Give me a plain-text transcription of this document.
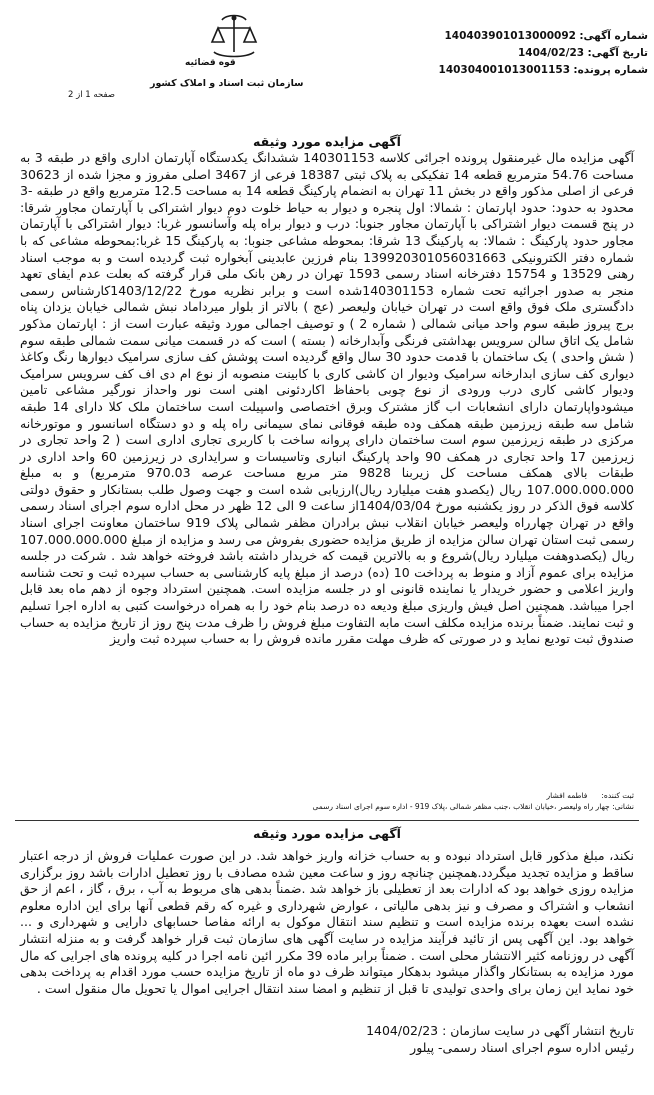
شماره آگهی: 140403901013000092
تاریخ آگهی: 1404/02/23
شماره پرونده: 140304001013001153
قوه قضائیه
سازمان ثبت اسناد و املاک کشور
صفحه 1 از 2
آگهی مزایده مورد وثیقه
آگهی مزایده مال غیرمنقول پرونده اجرائی کلاسه 140301153 ششدانگ یکدستگاه آپارتمان اداری واقع در طبقه 3 به مساحت 54.76 مترمربع قطعه 14 تفکیکی به پلاک ثبتی 18387 فرعی از 3467 اصلی مفروز و مجزا شده از 30623 فرعی از اصلی مذکور واقع در بخش 11 تهران به انضمام پارکینگ قطعه 14 به مساحت 12.5 مترمربع واقع در طبقه -3 محدود به حدود: حدود اپارتمان : شمالا: اول پنجره و دیوار به حیاط خلوت دوم دیوار اشتراکی با آپارتمان مجاور شرقا: در پنج قسمت دیوار اشتراکی با آپارتمان مجاور جنوبا: درب و دیوار براه پله وآسانسور غربا: دیوار اشتراکی با آپارتمان مجاور حدود پارکینگ : شمالا: به پارکینگ 13 شرقا: بمحوطه مشاعی جنوبا: به پارکینگ 15 غربا:بمحوطه مشاعی که با شماره دفتر الکترونیکی 139920301056031663 بنام فرزین عابدینی آبخواره ثبت گردیده است و به موجب اسناد رهنی 13529 و 15754 دفترخانه اسناد رسمی 1593 تهران در رهن بانک ملی قرار گرفته که بعلت عدم ایفای تعهد منجر به صدور اجرائیه تحت شماره 140301153شده است و برابر نظریه مورخ 1403/12/22کارشناس رسمی دادگستری ملک فوق واقع است در تهران خیابان ولیعصر (عج ) بالاتر از بلوار میرداماد نبش شمالی خیابان یزدان پناه برج پیروز طبقه سوم واحد میانی شمالی ( شماره 2 ) و توصیف اجمالی مورد وثیقه عبارت است از : اپارتمان مذکور شامل یک اتاق سالن سرویس بهداشتی فرنگی وآبدارخانه ( بسته ) است که در قسمت میانی سمت شمالی طبقه سوم ( شش واحدی ) یک ساختمان با قدمت حدود 30 سال واقع گردیده است پوشش کف سازی سرامیک دیوارها رنگ وکاغذ دیواری کف سازی ابدارخانه سرامیک ودیوار ان کاشی کاری با کابینت منصوبه از نوع ام دی اف کف سرویس سرامیک ودیوار کاشی کاری درب ورودی از نوع چوبی باحفاظ اکاردئونی اهنی است نور واحداز نورگیر مشاعی تامین میشودواپارتمان دارای انشعابات اب گاز مشترک وبرق اختصاصی واسپیلت است ساختمان ملک کلا دارای 14 طبقه شامل سه طبقه زیرزمین طبقه همکف وده طبقه فوقانی نمای سیمانی راه پله و دو دستگاه اسانسور و موتورخانه مرکزی در طبقه زیرزمین سوم است ساختمان دارای پروانه ساخت با کاربری تجاری اداری است ( 2 واحد تجاری در زیرزمین 17 واحد تجاری در همکف 90 واحد پارکینگ انباری وتاسیسات و سرایداری در زیرزمین 60 واحد اداری در طبقات بالای همکف مساحت کل زیربنا 9828 متر مربع مساحت عرصه 970.03 مترمربع) و به مبلغ 107.000.000.000 ریال (یکصدو هفت میلیارد ریال)ارزیابی شده است و جهت وصول طلب بستانکار و حقوق دولتی کلاسه فوق الذکر در روز یکشنبه مورخ 1404/03/04از ساعت 9 الی 12 ظهر در محل اداره سوم اجرای اسناد رسمی واقع در تهران چهارراه ولیعصر خیابان انقلاب نبش برادران مظفر شمالی پلاک 919 ساختمان معاونت اجرای اسناد رسمی ثبت استان تهران سالن مزایده از طریق مزایده حضوری بفروش می رسد و مزایده از مبلغ 107.000.000.000 ریال (یکصدوهفت میلیارد ریال)شروع و به بالاترین قیمت که خریدار داشته باشد فروخته خواهد شد . شرکت در جلسه مزایده برای عموم آزاد و منوط به پرداخت 10 (ده) درصد از مبلغ پایه کارشناسی به حساب سپرده ثبت و تحت شناسه واریز اعلامی و حضور خریدار یا نماینده قانونی او در جلسه مزایده است. همچنین استرداد وجوه از دهم ماه بعد قابل اجرا میباشد. همچنین اصل فیش واریزی مبلغ ودیعه ده درصد بنام خود را به همراه درخواست کتبی به اداره اجرا تسلیم و ثبت نمایند. ضمناً برنده مزایده مکلف است مابه التفاوت مبلغ فروش را ظرف مدت پنج روز از تاریخ مزایده به حساب صندوق ثبت تودیع نماید و در صورتی که ظرف مهلت مقرر مانده فروش را به حساب سپرده ثبت واریز
ثبت کننده:
فاطمه افشار
نشانی: چهار راه ولیعصر ،خیابان انقلاب ،جنب مظفر شمالی ،پلاک 919 - اداره سوم اجرای اسناد رسمی
آگهی مزایده مورد وثیقه
نکند، مبلغ مذکور قابل استرداد نبوده و به حساب خزانه واریز خواهد شد. در این صورت عملیات فروش از درجه اعتبار ساقط و مزایده تجدید میگردد.همچنین چنانچه روز و ساعت معین شده مصادف با روز تعطیل ادارات باشد روز برگزاری مزایده روزی خواهد بود که ادارات بعد از تعطیلی باز خواهد شد .ضمناً بدهی های مربوط به آب ، برق ، گاز ، اعم از حق انشعاب و اشتراک و مصرف و نیز بدهی مالیاتی ، عوارض شهرداری و غیره که رقم قطعی آنها برای این اداره معلوم نشده است بعهده برنده مزایده است و تنظیم سند انتقال موکول به ارائه مفاصا حسابهای دارایی و شهرداری و ... خواهد بود. این آگهی پس از تائید فرآیند مزایده در سایت آگهی های سازمان ثبت قرار خواهد گرفت و به منزله انتشار آگهی در روزنامه کثیر الانتشار محلی است . ضمناً برابر ماده 39 مکرر ائین نامه اجرا در کلیه پرونده های اجرایی که مال مورد مزایده به بستانکار واگذار میشود بدهکار میتواند ظرف دو ماه از تاریخ مزایده حسب مورد اقدام به پرداخت بدهی خود نماید این زمان برای واحدی تولیدی تا قبل از تنظیم و امضا سند انتقال اجرایی اموال یا تحویل مال منقول است .
تاریخ انتشار آگهی در سایت سازمان : 1404/02/23
رئیس اداره سوم اجرای اسناد رسمی- پیلور
